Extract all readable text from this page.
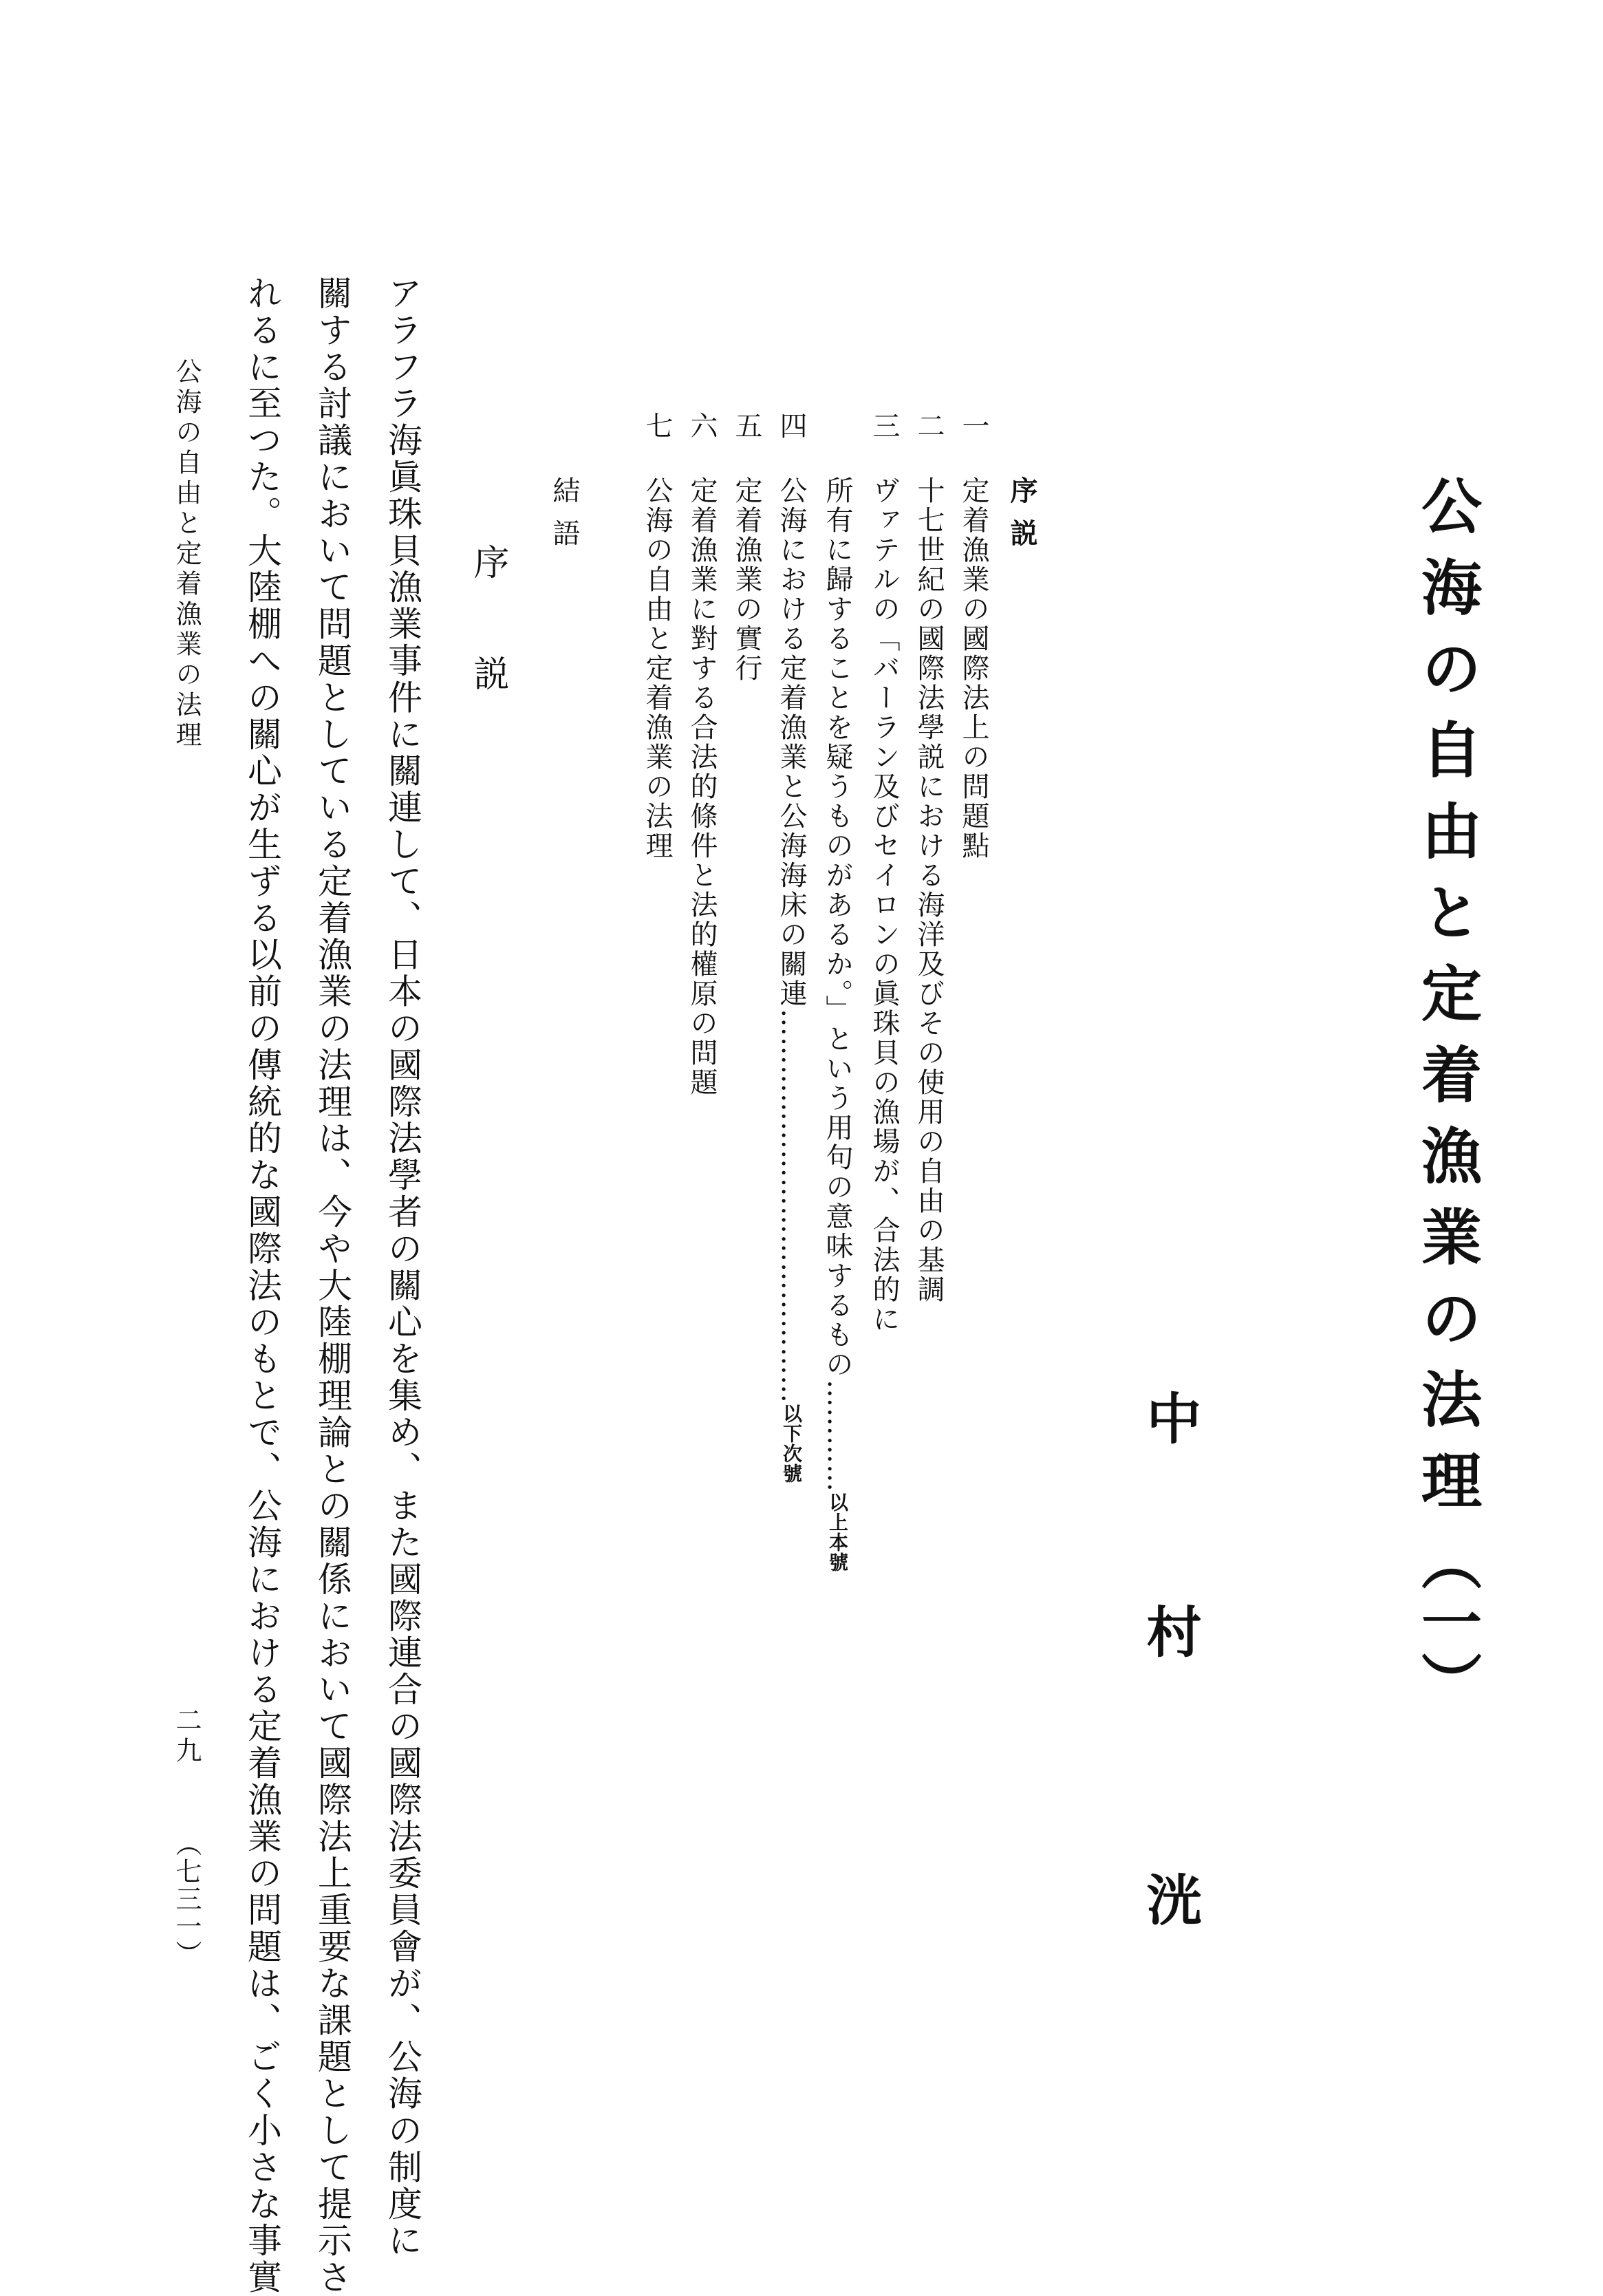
公海の自由と定着漁業の法理（一）
中
村
洸
序説
一
定着漁業の國際法上の問題點
二
十七世紀の國際法學説における海洋及びその使用の自由の基調
三
ヴァテルの「バーラン及びセイロンの眞珠貝の漁場が、合法的に
所有に歸することを疑うものがあるか。」という用句の意味するもの…………以上本號
四
公海における定着漁業と公海海床の關連……………………………………以下次號
五
定着漁業の實行
六
定着漁業に對する合法的條件と法的權原の問題
七
公海の自由と定着漁業の法理
結語
序説
アラフラ海眞珠貝漁業事件に關連して、日本の國際法學者の關心を集め、また國際連合の國際法委員會が、公海の制度に
關する討議において問題としている定着漁業の法理は、今や大陸棚理論との關係において國際法上重要な課題として提示さ
れるに至つた。大陸棚への關心が生ずる以前の傳統的な國際法のもとで、公海における定着漁業の問題は、ごく小さな事實
公海の自由と定着漁業の法理
二九
（七三一）
